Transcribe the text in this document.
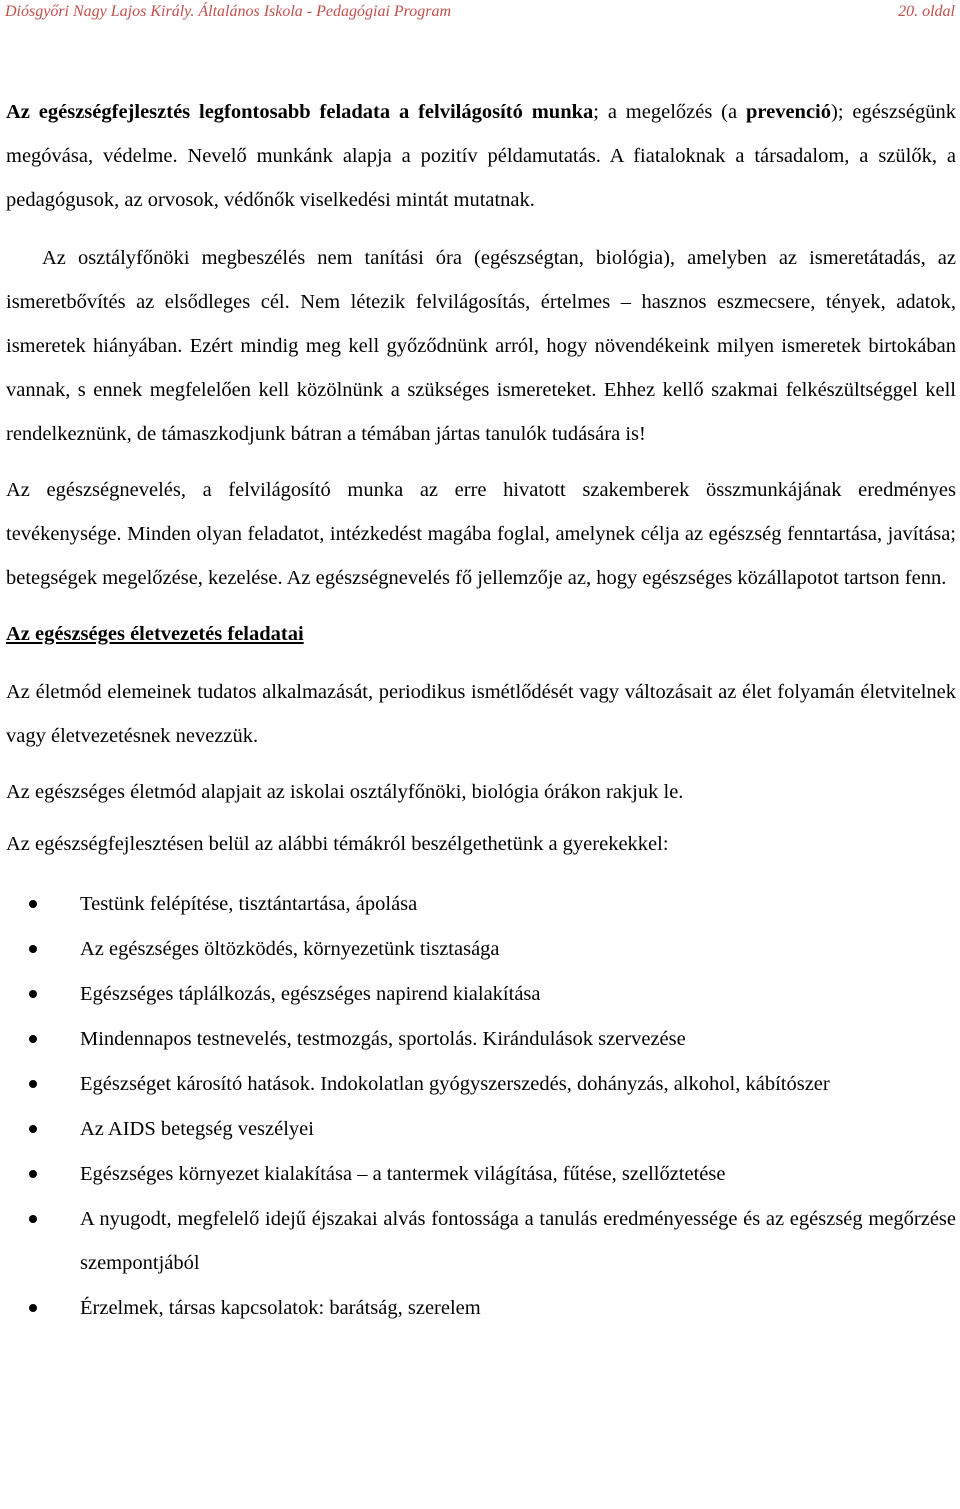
Diósgyőri Nagy Lajos Király. Általános Iskola - Pedagógiai Program	20. oldal

Az egészségfejlesztés legfontosabb feladata a felvilágosító munka; a megelőzés (a prevenció); egészségünk megóvása, védelme. Nevelő munkánk alapja a pozitív példamutatás. A fiataloknak a társadalom, a szülők, a pedagógusok, az orvosok, védőnők viselkedési mintát mutatnak.

Az osztályfőnöki megbeszélés nem tanítási óra (egészségtan, biológia), amelyben az ismeretátadás, az ismeretbővítés az elsődleges cél. Nem létezik felvilágosítás, értelmes – hasznos eszmecsere, tények, adatok, ismeretek hiányában. Ezért mindig meg kell győződnünk arról, hogy növendékeink milyen ismeretek birtokában vannak, s ennek megfelelően kell közölnünk a szükséges ismereteket. Ehhez kellő szakmai felkészültséggel kell rendelkeznünk, de támaszkodjunk bátran a témában jártas tanulók tudására is!

Az egészségnevelés, a felvilágosító munka az erre hivatott szakemberek összmunkájának eredményes tevékenysége. Minden olyan feladatot, intézkedést magába foglal, amelynek célja az egészség fenntartása, javítása; betegségek megelőzése, kezelése. Az egészségnevelés fő jellemzője az, hogy egészséges közállapotot tartson fenn.

Az egészséges életvezetés feladatai

Az életmód elemeinek tudatos alkalmazását, periodikus ismétlődését vagy változásait az élet folyamán életvitelnek vagy életvezetésnek nevezzük.

Az egészséges életmód alapjait az iskolai osztályfőnöki, biológia órákon rakjuk le.

Az egészségfejlesztésen belül az alábbi témákról beszélgethetünk a gyerekekkel:

Testünk felépítése, tisztántartása, ápolása
Az egészséges öltözködés, környezetünk tisztasága
Egészséges táplálkozás, egészséges napirend kialakítása
Mindennapos testnevelés, testmozgás, sportolás. Kirándulások szervezése
Egészséget károsító hatások. Indokolatlan gyógyszerszedés, dohányzás, alkohol, kábítószer
Az AIDS betegség veszélyei
Egészséges környezet kialakítása – a tantermek világítása, fűtése, szellőztetése
A nyugodt, megfelelő idejű éjszakai alvás fontossága a tanulás eredményessége és az egészség megőrzése szempontjából
Érzelmek, társas kapcsolatok: barátság, szerelem
